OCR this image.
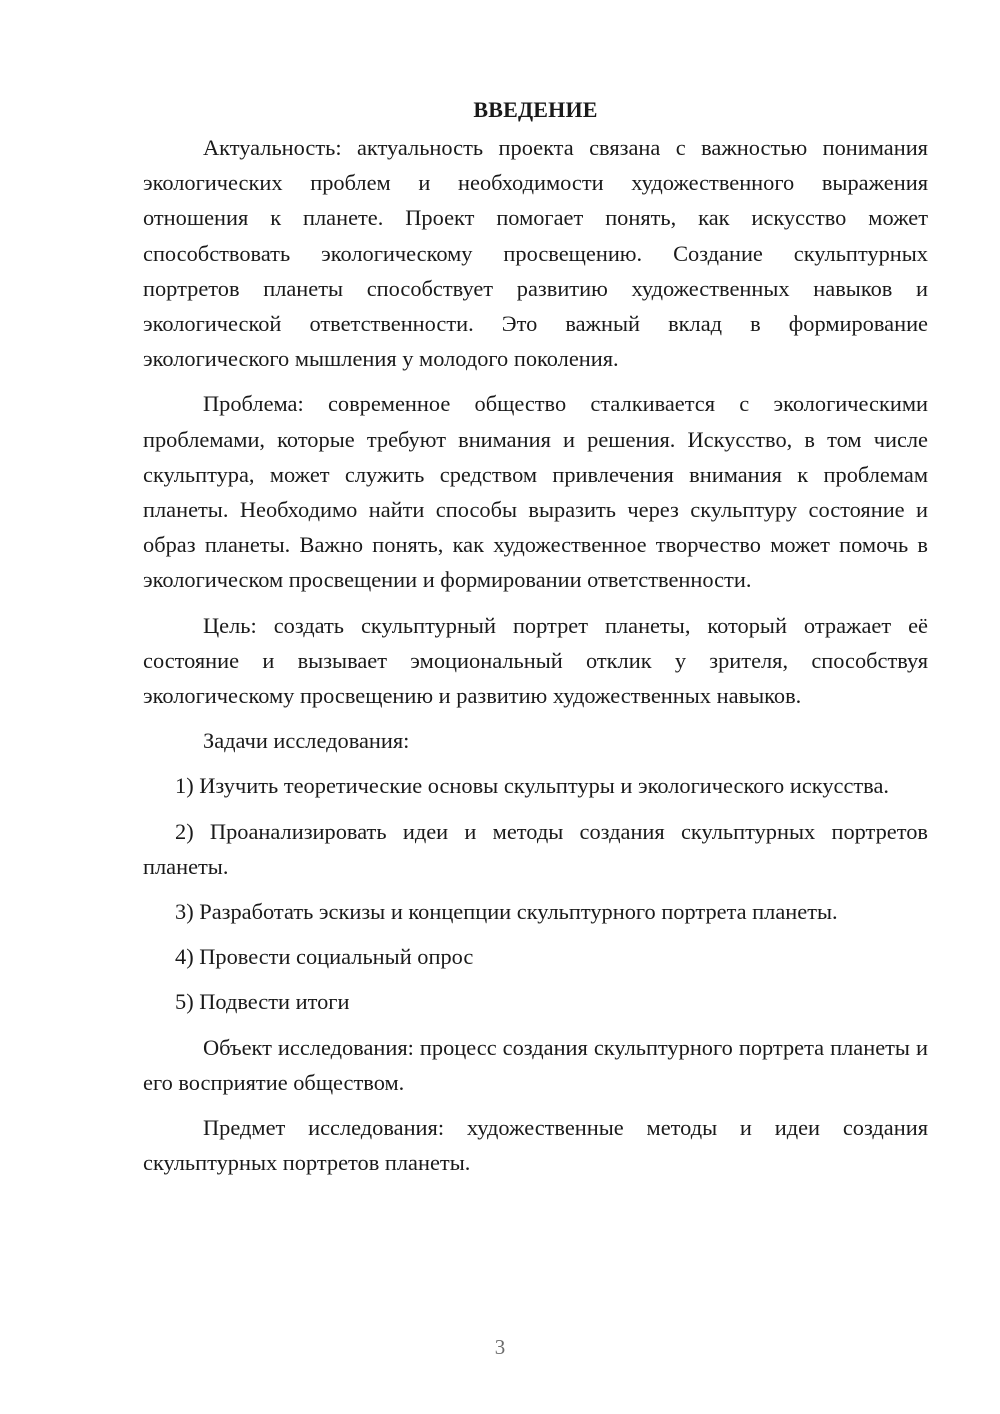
ВВЕДЕНИЕ

Актуальность: актуальность проекта связана с важностью понимания экологических проблем и необходимости художественного выражения отношения к планете. Проект помогает понять, как искусство может способствовать экологическому просвещению. Создание скульптурных портретов планеты способствует развитию художественных навыков и экологической ответственности. Это важный вклад в формирование экологического мышления у молодого поколения.

Проблема: современное общество сталкивается с экологическими проблемами, которые требуют внимания и решения. Искусство, в том числе скульптура, может служить средством привлечения внимания к проблемам планеты. Необходимо найти способы выразить через скульптуру состояние и образ планеты. Важно понять, как художественное творчество может помочь в экологическом просвещении и формировании ответственности.

Цель: создать скульптурный портрет планеты, который отражает её состояние и вызывает эмоциональный отклик у зрителя, способствуя экологическому просвещению и развитию художественных навыков.

Задачи исследования:

1) Изучить теоретические основы скульптуры и экологического искусства.

2) Проанализировать идеи и методы создания скульптурных портретов планеты.

3) Разработать эскизы и концепции скульптурного портрета планеты.

4) Провести социальный опрос

5) Подвести итоги

Объект исследования: процесс создания скульптурного портрета планеты и его восприятие обществом.

Предмет исследования: художественные методы и идеи создания скульптурных портретов планеты.

3
